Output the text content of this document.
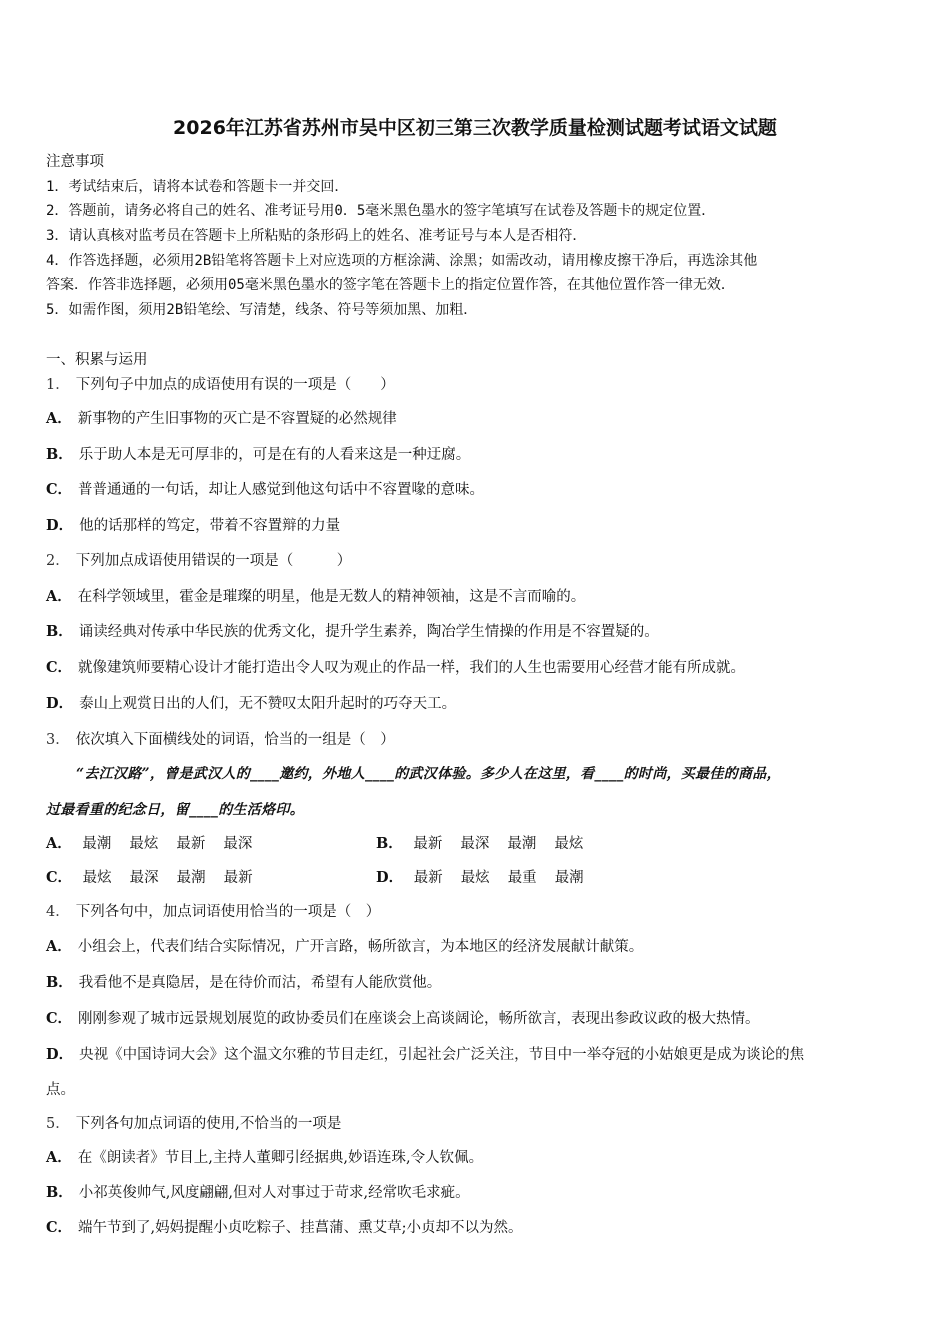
2026年江苏省苏州市吴中区初三第三次教学质量检测试题考试语文试题
注意事项
1．考试结束后，请将本试卷和答题卡一并交回．
2．答题前，请务必将自己的姓名、准考证号用0．5毫米黑色墨水的签字笔填写在试卷及答题卡的规定位置．
3．请认真核对监考员在答题卡上所粘贴的条形码上的姓名、准考证号与本人是否相符．
4．作答选择题，必须用2B铅笔将答题卡上对应选项的方框涂满、涂黑；如需改动，请用橡皮擦干净后，再选涂其他
答案．作答非选择题，必须用05毫米黑色墨水的签字笔在答题卡上的指定位置作答，在其他位置作答一律无效．
5．如需作图，须用2B铅笔绘、写清楚，线条、符号等须加黑、加粗．
一、积累与运用
1． 下列句子中加点的成语使用有误的一项是（　　）
A． 新事物的产生旧事物的灭亡是不容置疑的必然规律
B． 乐于助人本是无可厚非的，可是在有的人看来这是一种迂腐。
C． 普普通通的一句话，却让人感觉到他这句话中不容置喙的意味。
D． 他的话那样的笃定，带着不容置辩的力量
2． 下列加点成语使用错误的一项是（　　　）
A． 在科学领域里，霍金是璀璨的明星，他是无数人的精神领袖，这是不言而喻的。
B． 诵读经典对传承中华民族的优秀文化，提升学生素养，陶冶学生情操的作用是不容置疑的。
C． 就像建筑师要精心设计才能打造出令人叹为观止的作品一样，我们的人生也需要用心经营才能有所成就。
D． 泰山上观赏日出的人们，无不赞叹太阳升起时的巧夺天工。
3． 依次填入下面横线处的词语，恰当的一组是（　）
“去江汉路”，曾是武汉人的____邀约，外地人____的武汉体验。多少人在这里，看____的时尚，买最佳的商品，
过最看重的纪念日，留____的生活烙印。
A． 最潮 最炫 最新 最深	B． 最新 最深 最潮 最炫
C． 最炫 最深 最潮 最新	D． 最新 最炫 最重 最潮
4． 下列各句中，加点词语使用恰当的一项是（　）
A． 小组会上，代表们结合实际情况，广开言路，畅所欲言，为本地区的经济发展献计献策。
B． 我看他不是真隐居，是在待价而沽，希望有人能欣赏他。
C． 刚刚参观了城市远景规划展览的政协委员们在座谈会上高谈阔论，畅所欲言，表现出参政议政的极大热情。
D． 央视《中国诗词大会》这个温文尔雅的节目走红，引起社会广泛关注，节目中一举夺冠的小姑娘更是成为谈论的焦
点。
5． 下列各句加点词语的使用,不恰当的一项是
A． 在《朗读者》节目上,主持人董卿引经据典,妙语连珠,令人钦佩。
B． 小祁英俊帅气,风度翩翩,但对人对事过于苛求,经常吹毛求疵。
C． 端午节到了,妈妈提醒小贞吃粽子、挂菖蒲、熏艾草;小贞却不以为然。
